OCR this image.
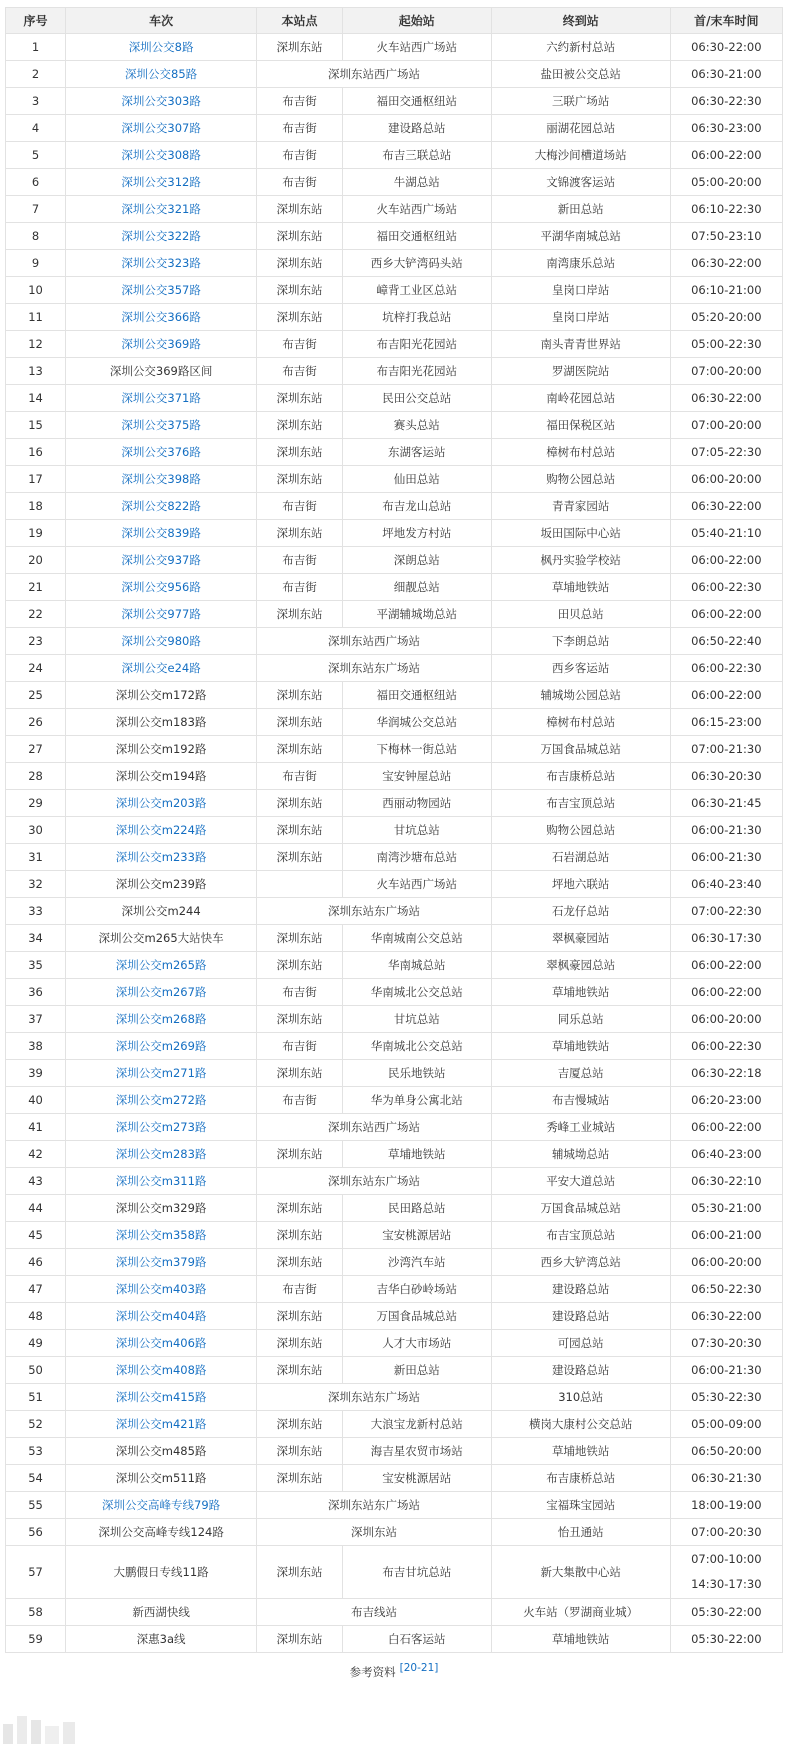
序号	车次	本站点	起始站	终到站	首/末车时间
1	深圳公交8路	深圳东站	火车站西广场站	六约新村总站	06:30-22:00

2	深圳公交85路	深圳东站西广场站		盐田被公交总站	06:30-21:00

3	深圳公交303路	布吉街	福田交通枢纽站	三联广场站	06:30-22:30

4	深圳公交307路	布吉街	建设路总站	丽湖花园总站	06:30-23:00

5	深圳公交308路	布吉街	布吉三联总站	大梅沙间槽道场站	06:00-22:00

6	深圳公交312路	布吉街	牛湖总站	文锦渡客运站	05:00-20:00

7	深圳公交321路	深圳东站	火车站西广场站	新田总站	06:10-22:30

8	深圳公交322路	深圳东站	福田交通枢纽站	平湖华南城总站	07:50-23:10

9	深圳公交323路	深圳东站	西乡大铲湾码头站	南湾康乐总站	06:30-22:00

10	深圳公交357路	深圳东站	嶂背工业区总站	皇岗口岸站	06:10-21:00

11	深圳公交366路	深圳东站	坑梓打我总站	皇岗口岸站	05:20-20:00

12	深圳公交369路	布吉街	布吉阳光花园站	南头青青世界站	05:00-22:30

13	深圳公交369路区间	布吉街	布吉阳光花园站	罗湖医院站	07:00-20:00

14	深圳公交371路	深圳东站	民田公交总站	南岭花园总站	06:30-22:00

15	深圳公交375路	深圳东站	赛头总站	福田保税区站	07:00-20:00

16	深圳公交376路	深圳东站	东湖客运站	樟树布村总站	07:05-22:30

17	深圳公交398路	深圳东站	仙田总站	购物公园总站	06:00-20:00

18	深圳公交822路	布吉街	布吉龙山总站	青青家园站	06:30-22:00

19	深圳公交839路	深圳东站	坪地发方村站	坂田国际中心站	05:40-21:10

20	深圳公交937路	布吉街	深朗总站	枫丹实验学校站	06:00-22:00

21	深圳公交956路	布吉街	细靓总站	草埔地铁站	06:00-22:30

22	深圳公交977路	深圳东站	平湖辅城坳总站	田贝总站	06:00-22:00

23	深圳公交980路	深圳东站西广场站		下李朗总站	06:50-22:40

24	深圳公交e24路	深圳东站东广场站		西乡客运站	06:00-22:30

25	深圳公交m172路	深圳东站	福田交通枢纽站	辅城坳公园总站	06:00-22:00

26	深圳公交m183路	深圳东站	华润城公交总站	樟树布村总站	06:15-23:00

27	深圳公交m192路	深圳东站	下梅林一街总站	万国食品城总站	07:00-21:30

28	深圳公交m194路	布吉街	宝安钟屋总站	布吉康桥总站	06:30-20:30

29	深圳公交m203路	深圳东站	西丽动物园站	布吉宝顶总站	06:30-21:45

30	深圳公交m224路	深圳东站	甘坑总站	购物公园总站	06:00-21:30

31	深圳公交m233路	深圳东站	南湾沙塘布总站	石岩湖总站	06:00-21:30

32	深圳公交m239路		火车站西广场站	坪地六联站	06:40-23:40

33	深圳公交m244	深圳东站东广场站		石龙仔总站	07:00-22:30

34	深圳公交m265大站快车	深圳东站	华南城南公交总站	翠枫豪园站	06:30-17:30

35	深圳公交m265路	深圳东站	华南城总站	翠枫豪园总站	06:00-22:00

36	深圳公交m267路	布吉街	华南城北公交总站	草埔地铁站	06:00-22:00

37	深圳公交m268路	深圳东站	甘坑总站	同乐总站	06:00-20:00

38	深圳公交m269路	布吉街	华南城北公交总站	草埔地铁站	06:00-22:30

39	深圳公交m271路	深圳东站	民乐地铁站	吉厦总站	06:30-22:18

40	深圳公交m272路	布吉街	华为单身公寓北站	布吉慢城站	06:20-23:00

41	深圳公交m273路	深圳东站西广场站		秀峰工业城站	06:00-22:00

42	深圳公交m283路	深圳东站	草埔地铁站	辅城坳总站	06:40-23:00

43	深圳公交m311路	深圳东站东广场站		平安大道总站	06:30-22:10

44	深圳公交m329路	深圳东站	民田路总站	万国食品城总站	05:30-21:00

45	深圳公交m358路	深圳东站	宝安桃源居站	布吉宝顶总站	06:00-21:00

46	深圳公交m379路	深圳东站	沙湾汽车站	西乡大铲湾总站	06:00-20:00

47	深圳公交m403路	布吉街	吉华白砂岭场站	建设路总站	06:50-22:30

48	深圳公交m404路	深圳东站	万国食品城总站	建设路总站	06:30-22:00

49	深圳公交m406路	深圳东站	人才大市场站	可园总站	07:30-20:30

50	深圳公交m408路	深圳东站	新田总站	建设路总站	06:00-21:30

51	深圳公交m415路	深圳东站东广场站		310总站	05:30-22:30

52	深圳公交m421路	深圳东站	大浪宝龙新村总站	横岗大康村公交总站	05:00-09:00

53	深圳公交m485路	深圳东站	海吉星农贸市场站	草埔地铁站	06:50-20:00

54	深圳公交m511路	深圳东站	宝安桃源居站	布吉康桥总站	06:30-21:30

55	深圳公交高峰专线79路	深圳东站东广场站		宝福珠宝园站	18:00-19:00

56	深圳公交高峰专线124路	深圳东站		怡丑通站	07:00-20:30

57	大鹏假日专线11路	深圳东站	布吉甘坑总站	新大集散中心站	07:00-10:00
14:30-17:30

58	新西湖快线	布吉线站		火车站（罗湖商业城）	05:30-22:00

59	深惠3a线	深圳东站	白石客运站	草埔地铁站	05:30-22:00
参考资料 [20-21]
